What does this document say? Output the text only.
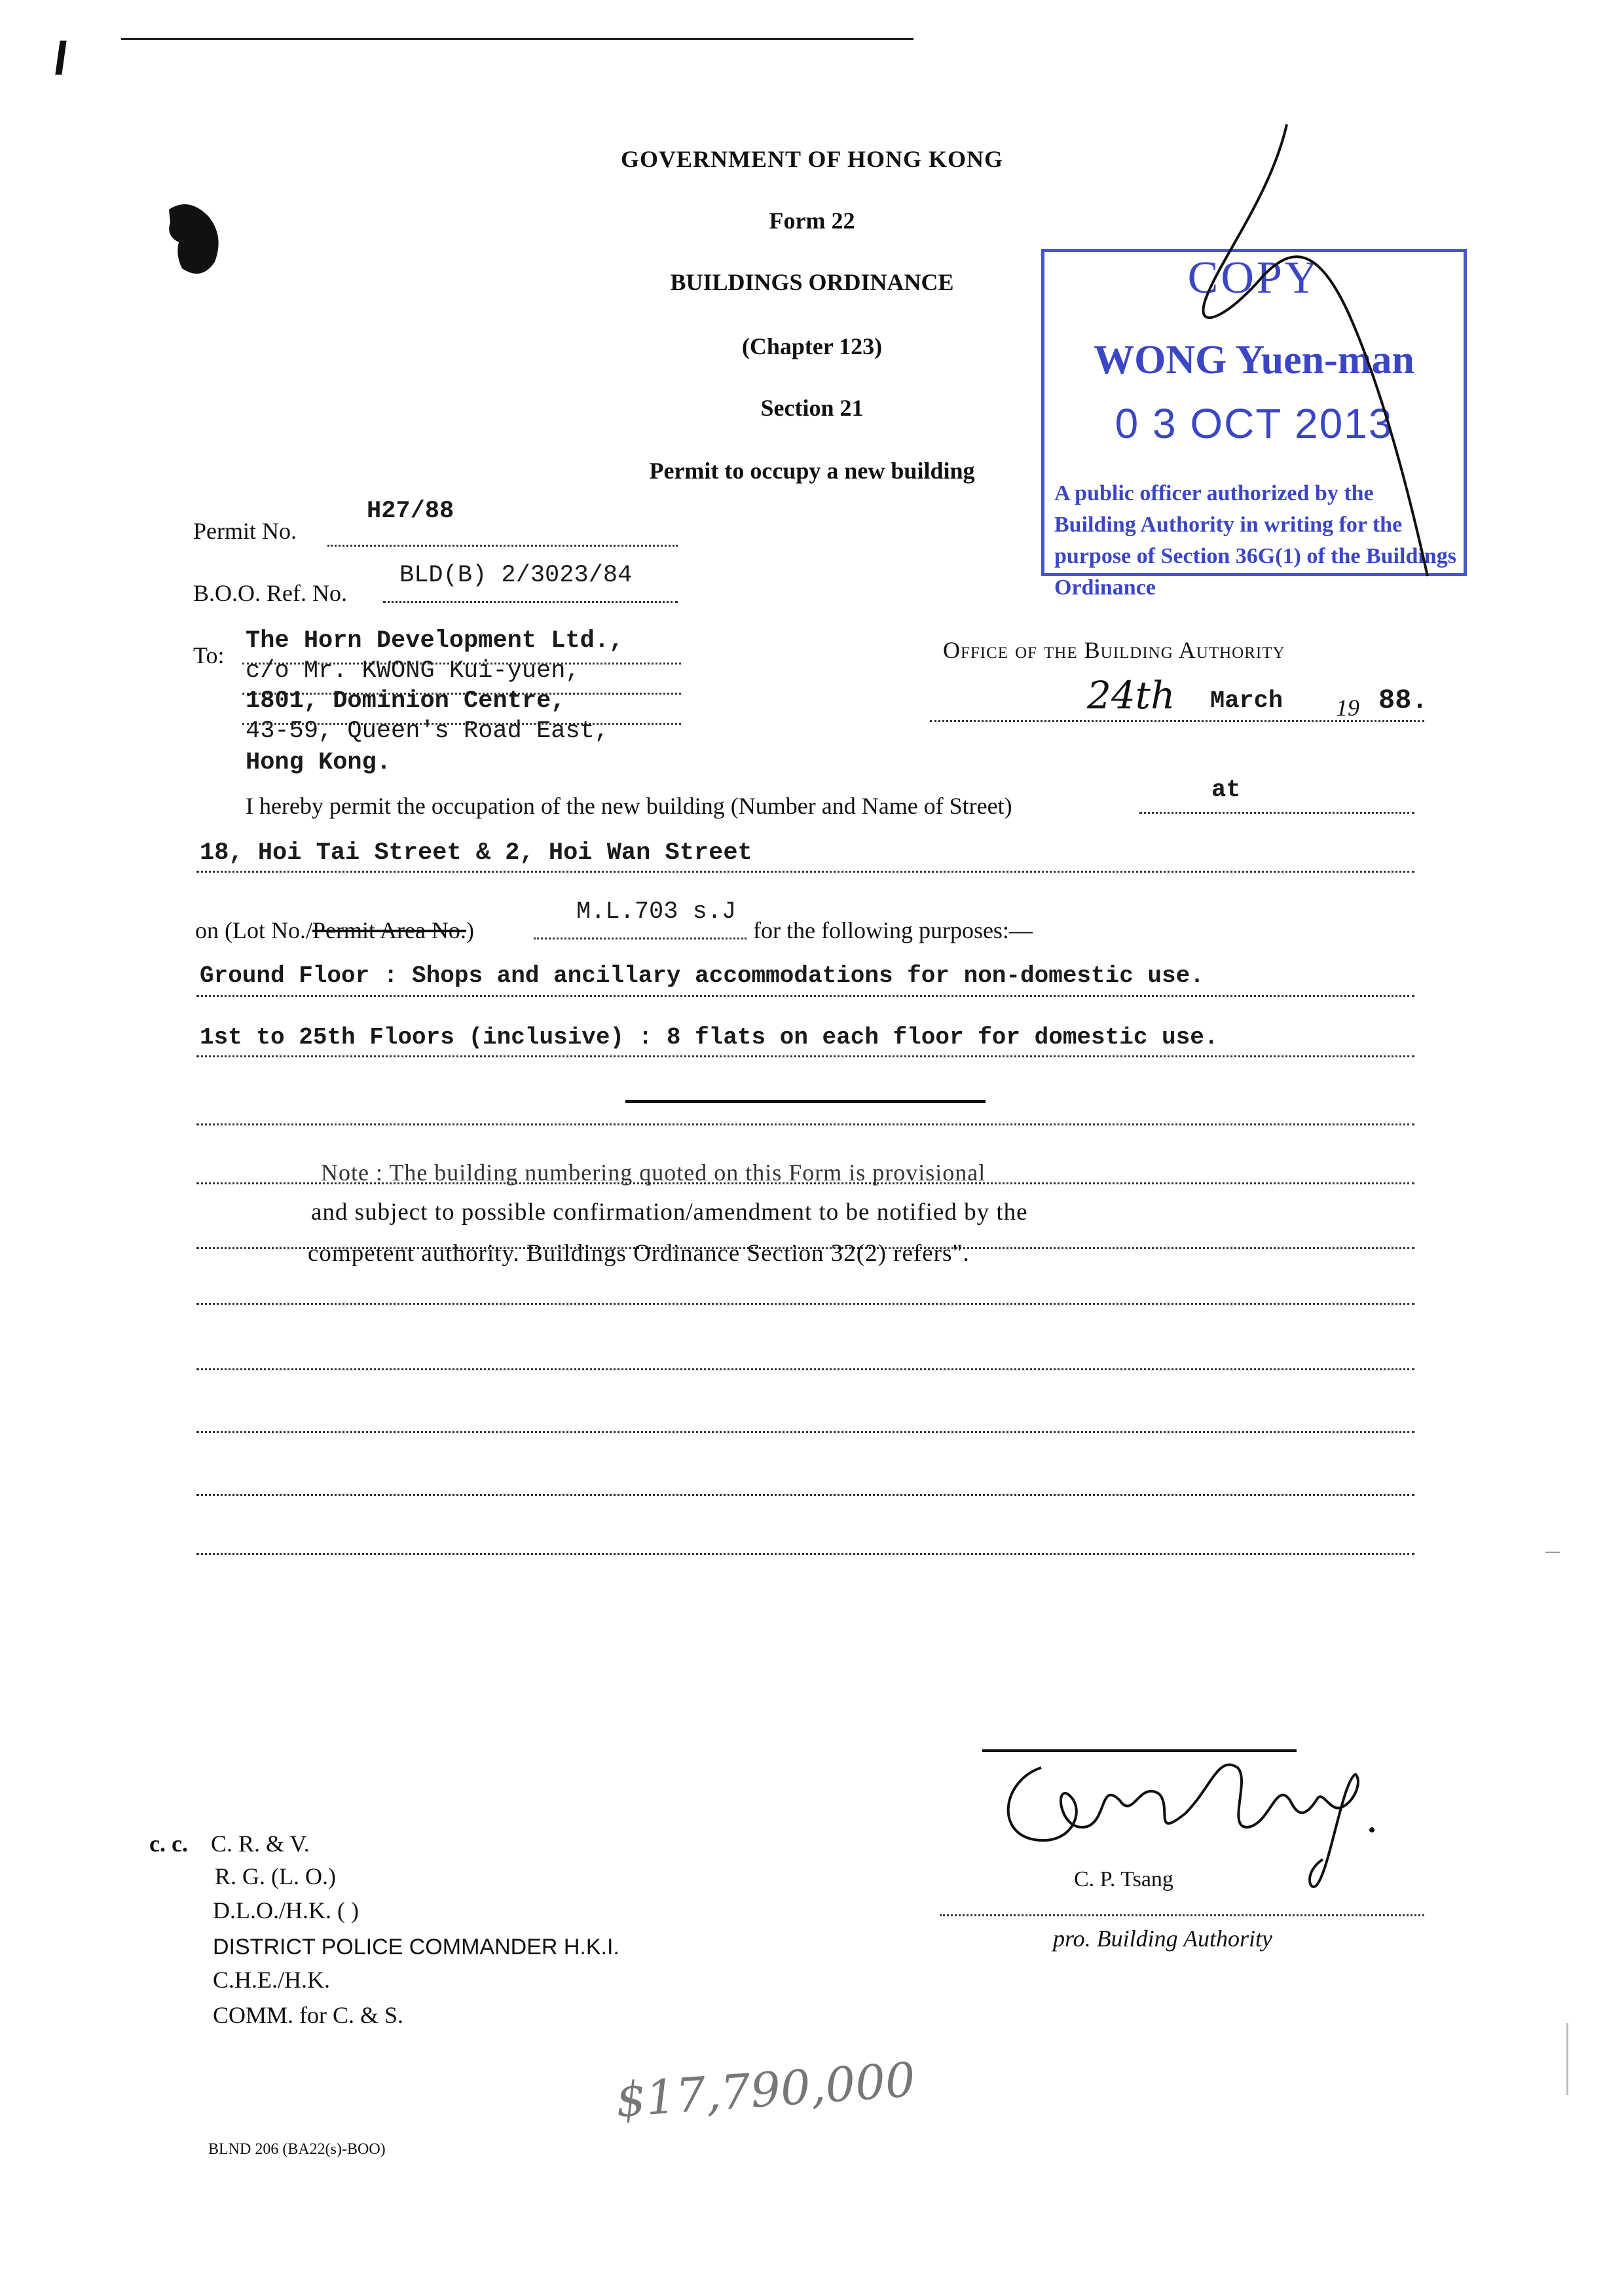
GOVERNMENT OF HONG KONG
Form 22
BUILDINGS ORDINANCE
(Chapter 123)
Section 21
Permit to occupy a new building
COPY
WONG Yuen-man
0 3 OCT 2013
A public officer authorized by the Building Authority in writing for the purpose of Section 36G(1) of the Buildings Ordinance
Permit No.
H27/88
B.O.O. Ref. No.
BLD(B) 2/3023/84
To:
The Horn Development Ltd.,
c/o Mr. KWONG Kui-yuen,
1801, Dominion Centre,
43-59, Queen's Road East,
Hong Kong.
Office of the Building Authority
24th March 19 88.
I hereby permit the occupation of the new building (Number and Name of Street)
at
18, Hoi Tai Street & 2, Hoi Wan Street
on (Lot No./Permit Area No.)
M.L.703 s.J
for the following purposes:—
Ground Floor : Shops and ancillary accommodations for non-domestic use.
1st to 25th Floors (inclusive) : 8 flats on each floor for domestic use.
Note : The building numbering quoted on this Form is provisional
and subject to possible confirmation/amendment to be notified by the
competent authority. Buildings Ordinance Section 32(2) refers".
C. P. Tsang
pro. Building Authority
c. c. C. R. & V.
R. G. (L. O.)
D.L.O./H.K. ( )
DISTRICT POLICE COMMANDER H.K.I.
C.H.E./H.K.
COMM. for C. & S.
$17,790,000
BLND 206 (BA22(s)-BOO)
